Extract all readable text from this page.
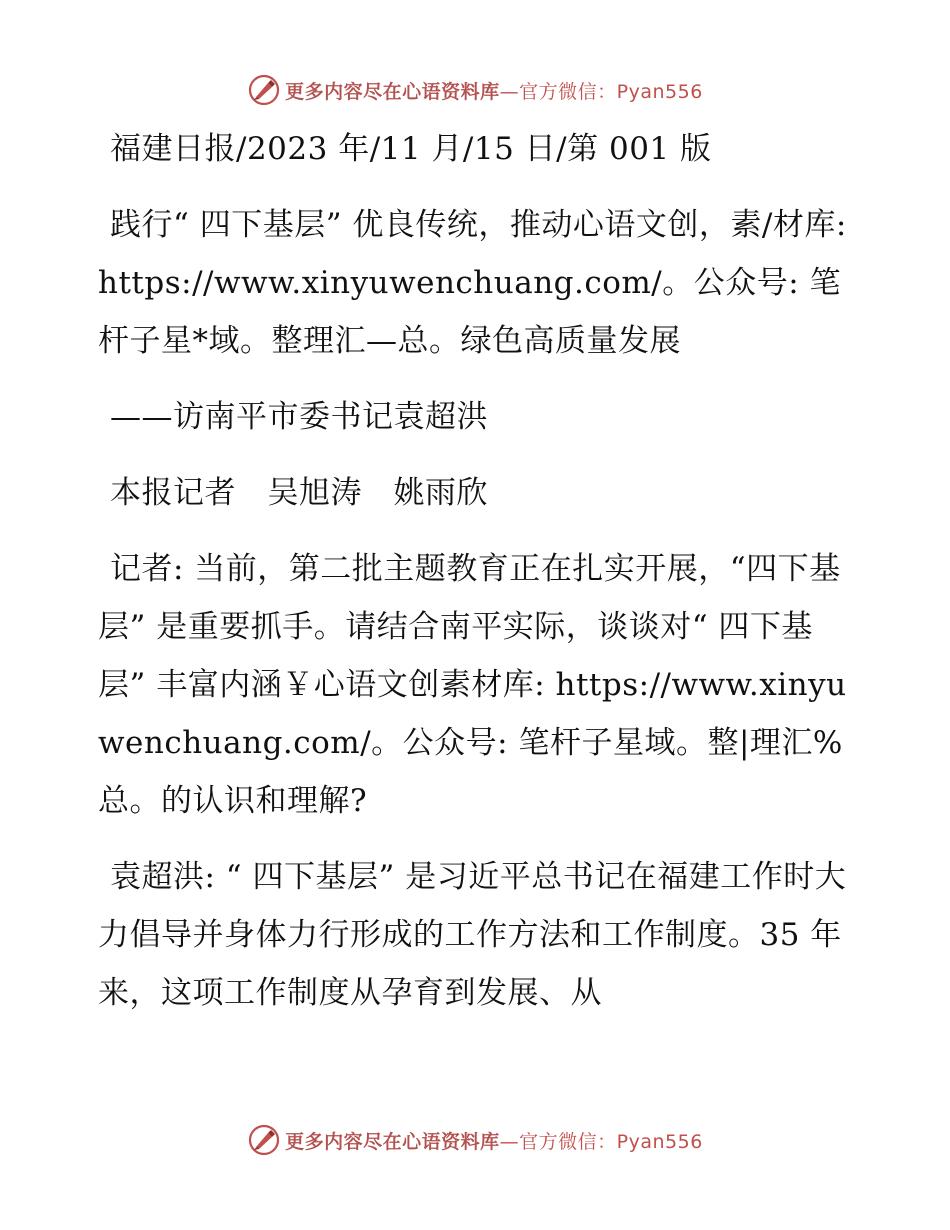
更多内容尽在心语资料库—官方微信：Pyan556

福建日报/2023 年/11 月/15 日/第 001 版

践行“ 四下基层” 优良传统，推动心语文创，素/材库: https://www.xinyuwenchuang.com/。公众号: 笔杆子星*域。整理汇—总。绿色高质量发展

——访南平市委书记袁超洪

本报记者　吴旭涛　姚雨欣

记者: 当前，第二批主题教育正在扎实开展，“四下基层” 是重要抓手。请结合南平实际，谈谈对“ 四下基层” 丰富内涵￥心语文创素材库: https://www.xinyuwenchuang.com/。公众号: 笔杆子星域。整|理汇%总。的认识和理解?

袁超洪: “ 四下基层” 是习近平总书记在福建工作时大力倡导并身体力行形成的工作方法和工作制度。35 年来，这项工作制度从孕育到发展、从

更多内容尽在心语资料库—官方微信：Pyan556
